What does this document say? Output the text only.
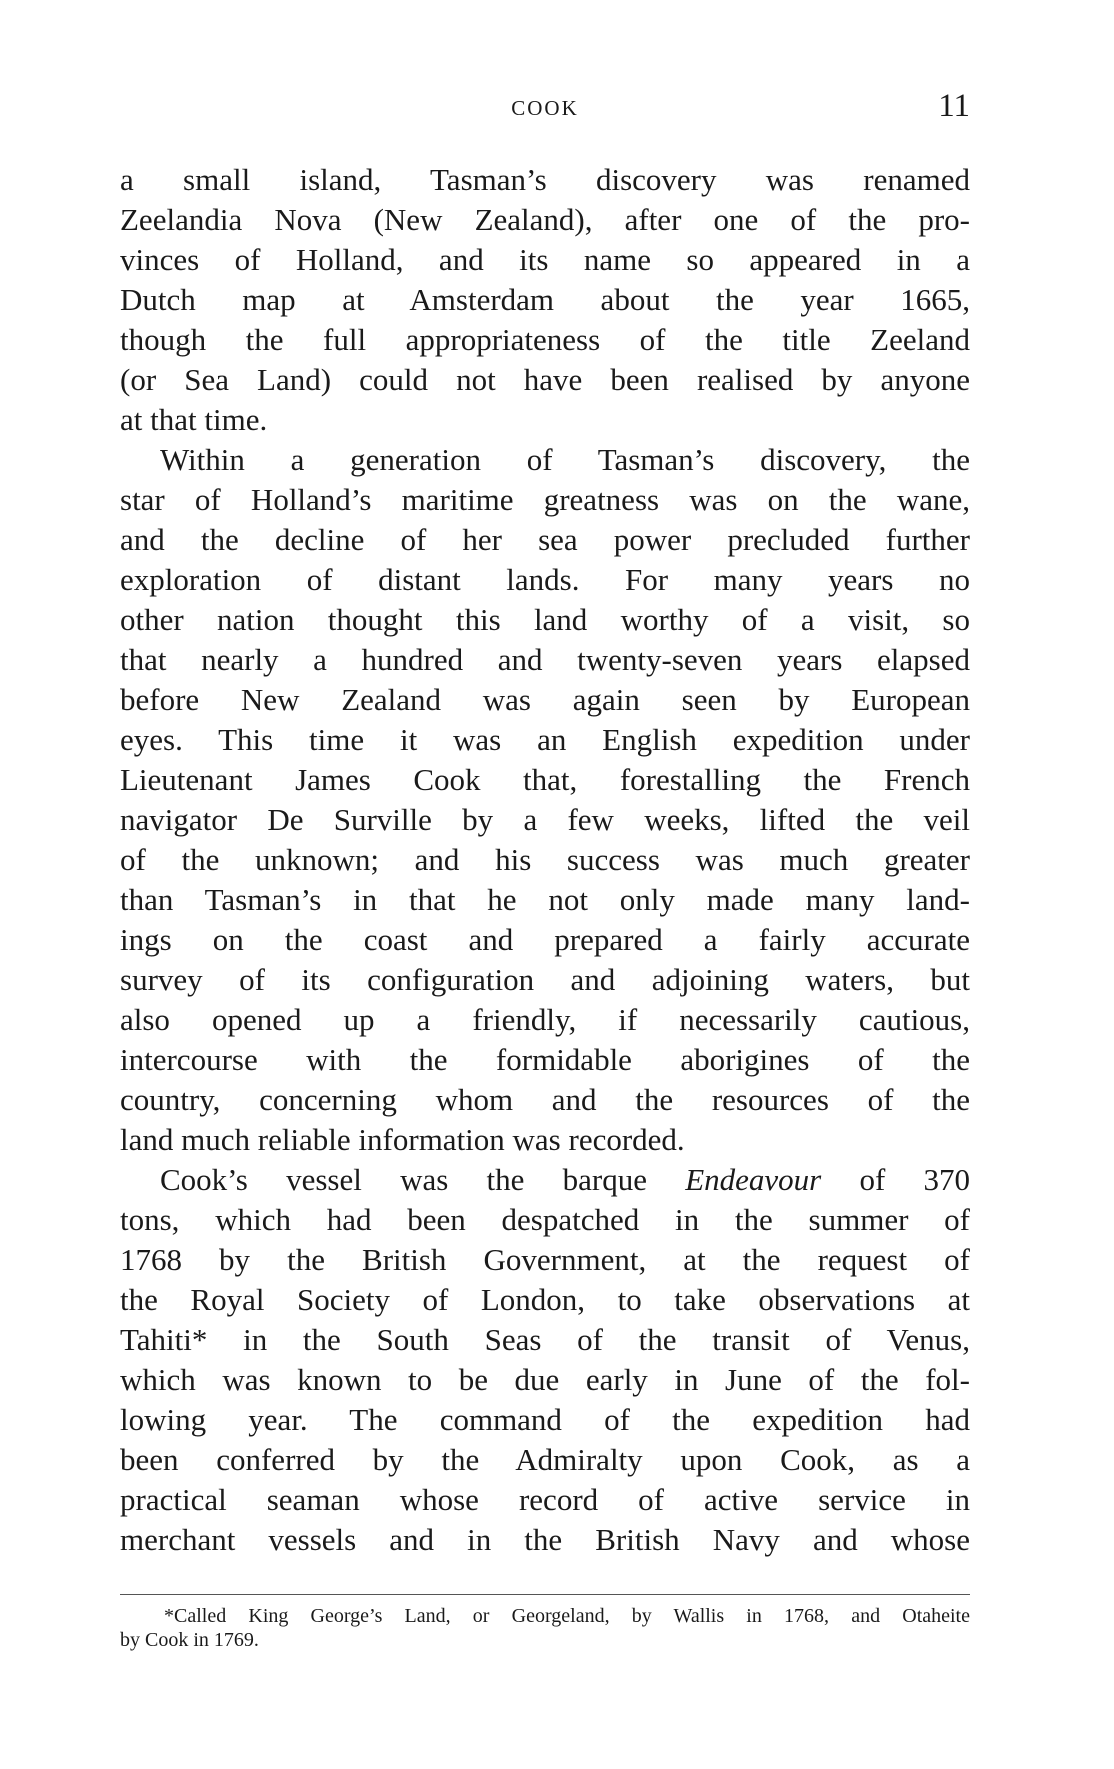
COOK	11
a small island, Tasman’s discovery was renamed
Zeelandia Nova (New Zealand), after one of the pro-
vinces of Holland, and its name so appeared in a
Dutch map at Amsterdam about the year 1665,
though the full appropriateness of the title Zeeland
(or Sea Land) could not have been realised by anyone
at that time.
Within a generation of Tasman’s discovery, the
star of Holland’s maritime greatness was on the wane,
and the decline of her sea power precluded further
exploration of distant lands. For many years no
other nation thought this land worthy of a visit, so
that nearly a hundred and twenty-seven years elapsed
before New Zealand was again seen by European
eyes. This time it was an English expedition under
Lieutenant James Cook that, forestalling the French
navigator De Surville by a few weeks, lifted the veil
of the unknown; and his success was much greater
than Tasman’s in that he not only made many land-
ings on the coast and prepared a fairly accurate
survey of its configuration and adjoining waters, but
also opened up a friendly, if necessarily cautious,
intercourse with the formidable aborigines of the
country, concerning whom and the resources of the
land much reliable information was recorded.
Cook’s vessel was the barque Endeavour of 370
tons, which had been despatched in the summer of
1768 by the British Government, at the request of
the Royal Society of London, to take observations at
Tahiti* in the South Seas of the transit of Venus,
which was known to be due early in June of the fol-
lowing year. The command of the expedition had
been conferred by the Admiralty upon Cook, as a
practical seaman whose record of active service in
merchant vessels and in the British Navy and whose
*Called King George’s Land, or Georgeland, by Wallis in 1768, and Otaheite
by Cook in 1769.
